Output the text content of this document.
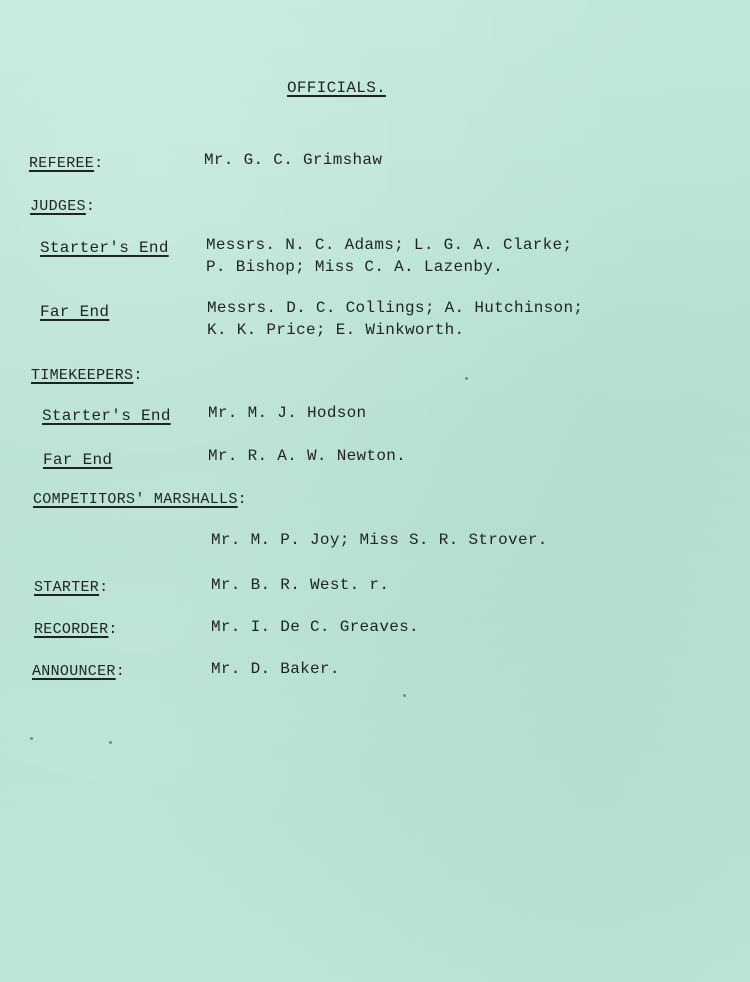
OFFICIALS.
REFEREE:	Mr. G. C. Grimshaw
JUDGES:
Starter's End Messrs. N. C. Adams; L. G. A. Clarke;
P. Bishop; Miss C. A. Lazenby.
Far End	Messrs. D. C. Collings; A. Hutchinson;
K. K. Price; E. Winkworth.
TIMEKEEPERS:
Starter's End Mr. M. J. Hodson
Far End	Mr. R. A. W. Newton.
COMPETITORS' MARSHALLS:
Mr. M. P. Joy; Miss S. R. Strover.
STARTER:	Mr. B. R. West. r.
RECORDER:	Mr. I. De C. Greaves.
ANNOUNCER:	Mr. D. Baker.
